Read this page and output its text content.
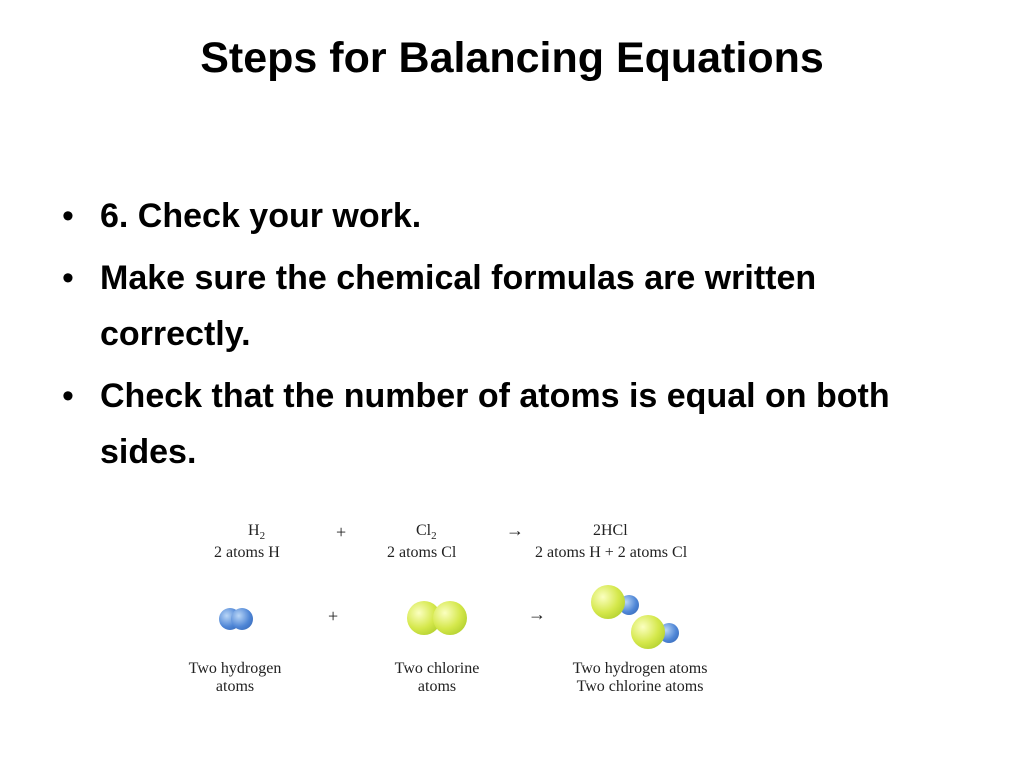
Steps for Balancing Equations
• 6. Check your work.
• Make sure the chemical formulas are written correctly.
• Check that the number of atoms is equal on both sides.
$H_2$
2 atoms H
+	$Cl_2$
2 atoms Cl
→	2HCl
2 atoms H + 2 atoms Cl
+	→
Two hydrogen
atoms
Two chlorine
atoms
Two hydrogen atoms
Two chlorine atoms
